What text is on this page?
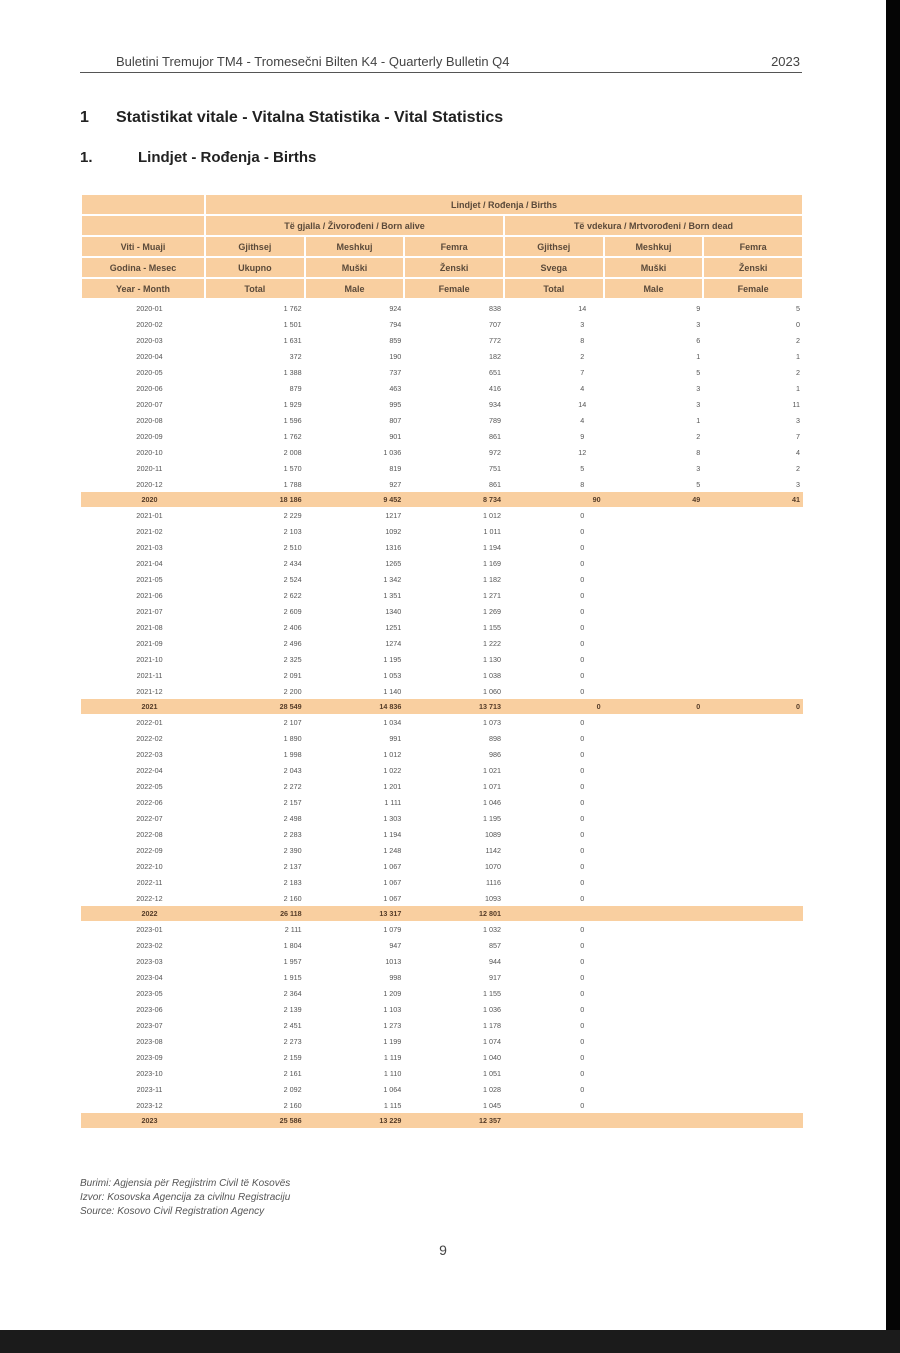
Buletini Tremujor TM4 - Tromesečni Bilten K4 - Quarterly Bulletin Q4	2023
1 Statistikat vitale - Vitalna Statistika - Vital Statistics
1.	Lindjet - Rođenja - Births
	Lindjet / Rođenja / Births					
	Të gjalla / Živorođeni / Born alive			Të vdekura / Mrtvorođeni / Born dead		
Viti - Muaji	Gjithsej	Meshkuj	Femra	Gjithsej	Meshkuj	Femra
Godina - Mesec	Ukupno	Muški	Ženski	Svega	Muški	Ženski
Year - Month	Total	Male	Female	Total	Male	Female
2020-01	1 762	924	838	14	9	5
2020-02	1 501	794	707	3	3	0
2020-03	1 631	859	772	8	6	2
2020-04	372	190	182	2	1	1
2020-05	1 388	737	651	7	5	2
2020-06	879	463	416	4	3	1
2020-07	1 929	995	934	14	3	11
2020-08	1 596	807	789	4	1	3
2020-09	1 762	901	861	9	2	7
2020-10	2 008	1 036	972	12	8	4
2020-11	1 570	819	751	5	3	2
2020-12	1 788	927	861	8	5	3
2020	18 186	9 452	8 734	90	49	41
2021-01	2 229	1217	1 012	0		
2021-02	2 103	1092	1 011	0		
2021-03	2 510	1316	1 194	0		
2021-04	2 434	1265	1 169	0		
2021-05	2 524	1 342	1 182	0		
2021-06	2 622	1 351	1 271	0		
2021-07	2 609	1340	1 269	0		
2021-08	2 406	1251	1 155	0		
2021-09	2 496	1274	1 222	0		
2021-10	2 325	1 195	1 130	0		
2021-11	2 091	1 053	1 038	0		
2021-12	2 200	1 140	1 060	0		
2021	28 549	14 836	13 713	0	0	0
2022-01	2 107	1 034	1 073	0		
2022-02	1 890	991	898	0		
2022-03	1 998	1 012	986	0		
2022-04	2 043	1 022	1 021	0		
2022-05	2 272	1 201	1 071	0		
2022-06	2 157	1 111	1 046	0		
2022-07	2 498	1 303	1 195	0		
2022-08	2 283	1 194	1089	0		
2022-09	2 390	1 248	1142	0		
2022-10	2 137	1 067	1070	0		
2022-11	2 183	1 067	1116	0		
2022-12	2 160	1 067	1093	0		
2022	26 118	13 317	12 801			
2023-01	2 111	1 079	1 032	0		
2023-02	1 804	947	857	0		
2023-03	1 957	1013	944	0		
2023-04	1 915	998	917	0		
2023-05	2 364	1 209	1 155	0		
2023-06	2 139	1 103	1 036	0		
2023-07	2 451	1 273	1 178	0		
2023-08	2 273	1 199	1 074	0		
2023-09	2 159	1 119	1 040	0		
2023-10	2 161	1 110	1 051	0		
2023-11	2 092	1 064	1 028	0		
2023-12	2 160	1 115	1 045	0		
2023	25 586	13 229	12 357			
Burimi: Agjensia për Regjistrim Civil të Kosovës
Izvor: Kosovska Agencija za civilnu Registraciju
Source: Kosovo Civil Registration Agency
9
